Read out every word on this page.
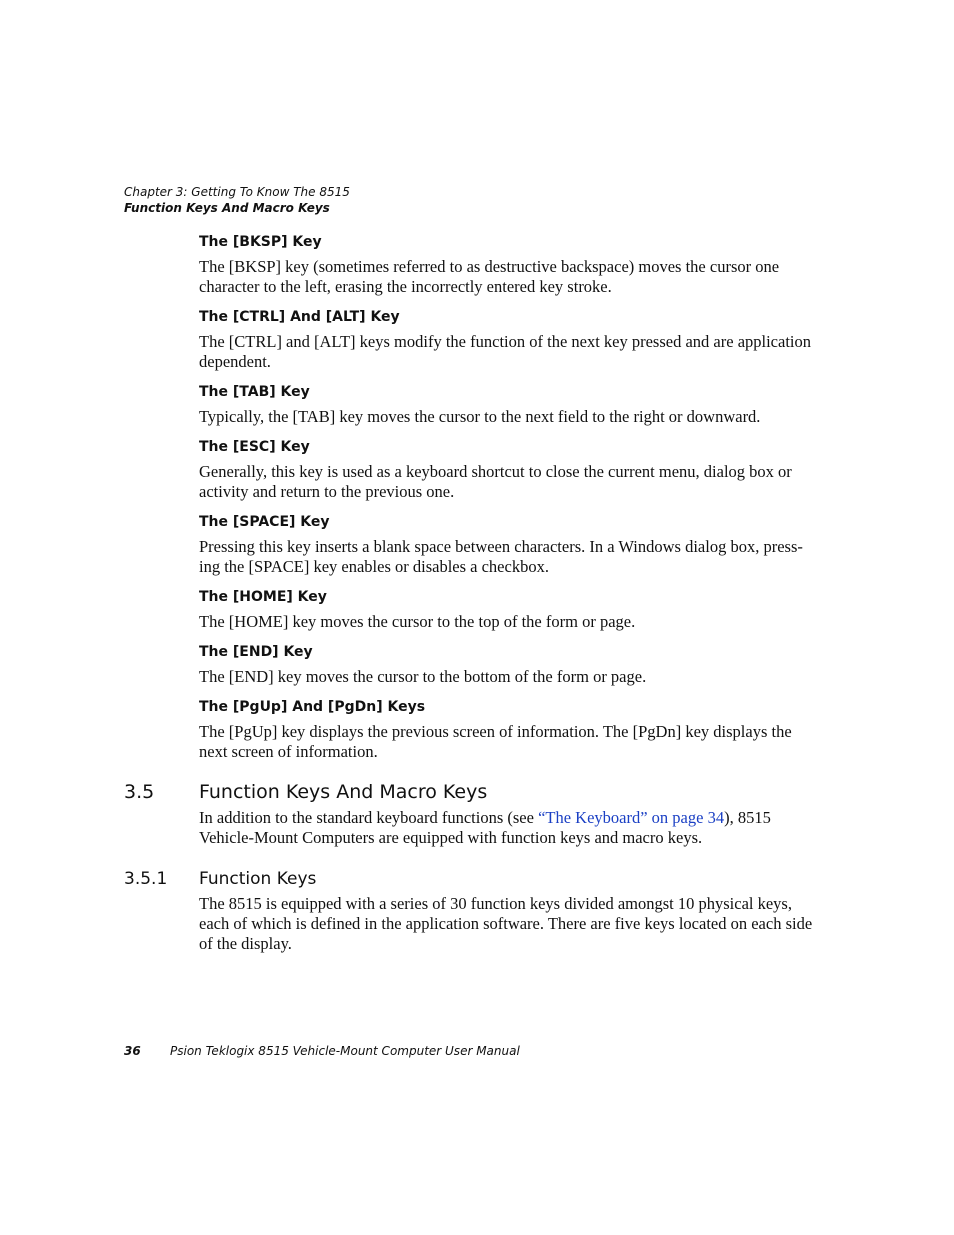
Chapter 3: Getting To Know The 8515
Function Keys And Macro Keys
The [BKSP] Key

The [BKSP] key (sometimes referred to as destructive backspace) moves the cursor one character to the left, erasing the incorrectly entered key stroke.

The [CTRL] And [ALT] Key

The [CTRL] and [ALT] keys modify the function of the next key pressed and are application dependent.

The [TAB] Key

Typically, the [TAB] key moves the cursor to the next field to the right or downward.

The [ESC] Key

Generally, this key is used as a keyboard shortcut to close the current menu, dialog box or activity and return to the previous one.

The [SPACE] Key

Pressing this key inserts a blank space between characters. In a Windows dialog box, press-ing the [SPACE] key enables or disables a checkbox.

The [HOME] Key

The [HOME] key moves the cursor to the top of the form or page.

The [END] Key

The [END] key moves the cursor to the bottom of the form or page.

The [PgUp] And [PgDn] Keys

The [PgUp] key displays the previous screen of information. The [PgDn] key displays the next screen of information.

3.5 Function Keys And Macro Keys

In addition to the standard keyboard functions (see “The Keyboard” on page 34), 8515 Vehicle-Mount Computers are equipped with function keys and macro keys.

3.5.1 Function Keys

The 8515 is equipped with a series of 30 function keys divided amongst 10 physical keys, each of which is defined in the application software. There are five keys located on each side of the display.

36 Psion Teklogix 8515 Vehicle-Mount Computer User Manual
